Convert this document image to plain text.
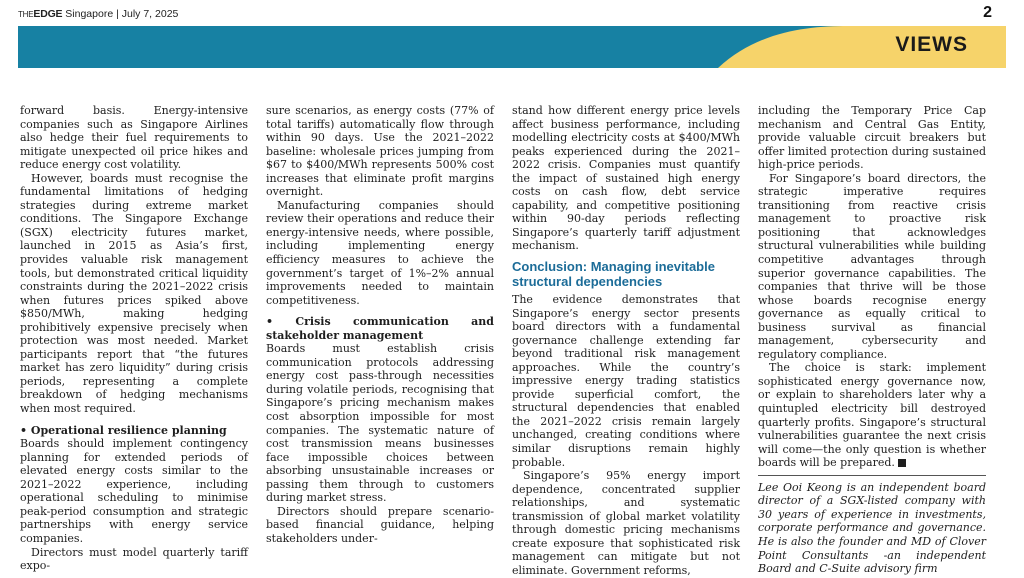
THEEDGE Singapore | July 7, 2025	2
VIEWS

forward basis. Energy-intensive companies such as Singapore Airlines also hedge their fuel requirements to mitigate unexpected oil price hikes and reduce energy cost volatility.

However, boards must recognise the fundamental limitations of hedging strategies during extreme market conditions. The Singapore Exchange (SGX) electricity futures market, launched in 2015 as Asia’s first, provides valuable risk management tools, but demonstrated critical liquidity constraints during the 2021–2022 crisis when futures prices spiked above $850/MWh, making hedging prohibitively expensive precisely when protection was most needed. Market participants report that “the futures market has zero liquidity” during crisis periods, representing a complete breakdown of hedging mechanisms when most required.

• Operational resilience planning

Boards should implement contingency planning for extended periods of elevated energy costs similar to the 2021–2022 experience, including operational scheduling to minimise peak-period consumption and strategic partnerships with energy service companies.

Directors must model quarterly tariff expo-

sure scenarios, as energy costs (77% of total tariffs) automatically flow through within 90 days. Use the 2021–2022 baseline: wholesale prices jumping from $67 to $400/MWh represents 500% cost increases that eliminate profit margins overnight.

Manufacturing companies should review their operations and reduce their energy-intensive needs, where possible, including implementing energy efficiency measures to achieve the government’s target of 1%–2% annual improvements needed to maintain competitiveness.

• Crisis communication and stakeholder management

Boards must establish crisis communication protocols addressing energy cost pass-through necessities during volatile periods, recognising that Singapore’s pricing mechanism makes cost absorption impossible for most companies. The systematic nature of cost transmission means businesses face impossible choices between absorbing unsustainable increases or passing them through to customers during market stress.

Directors should prepare scenario-based financial guidance, helping stakeholders under-

stand how different energy price levels affect business performance, including modelling electricity costs at $400/MWh peaks experienced during the 2021–2022 crisis. Companies must quantify the impact of sustained high energy costs on cash flow, debt service capability, and competitive positioning within 90-day periods reflecting Singapore’s quarterly tariff adjustment mechanism.

Conclusion: Managing inevitable structural dependencies

The evidence demonstrates that Singapore’s energy sector presents board directors with a fundamental governance challenge extending far beyond traditional risk management approaches. While the country’s impressive energy trading statistics provide superficial comfort, the structural dependencies that enabled the 2021–2022 crisis remain largely unchanged, creating conditions where similar disruptions remain highly probable.

Singapore’s 95% energy import dependence, concentrated supplier relationships, and systematic transmission of global market volatility through domestic pricing mechanisms create exposure that sophisticated risk management can mitigate but not eliminate. Government reforms,

including the Temporary Price Cap mechanism and Central Gas Entity, provide valuable circuit breakers but offer limited protection during sustained high-price periods.

For Singapore’s board directors, the strategic imperative requires transitioning from reactive crisis management to proactive risk positioning that acknowledges structural vulnerabilities while building competitive advantages through superior governance capabilities. The companies that thrive will be those whose boards recognise energy governance as equally critical to business survival as financial management, cybersecurity and regulatory compliance.

The choice is stark: implement sophisticated energy governance now, or explain to shareholders later why a quintupled electricity bill destroyed quarterly profits. Singapore’s structural vulnerabilities guarantee the next crisis will come—the only question is whether boards will be prepared.

Lee Ooi Keong is an independent board director of a SGX-listed company with 30 years of experience in investments, corporate performance and governance. He is also the founder and MD of Clover Point Consultants -an independent Board and C-Suite advisory firm
